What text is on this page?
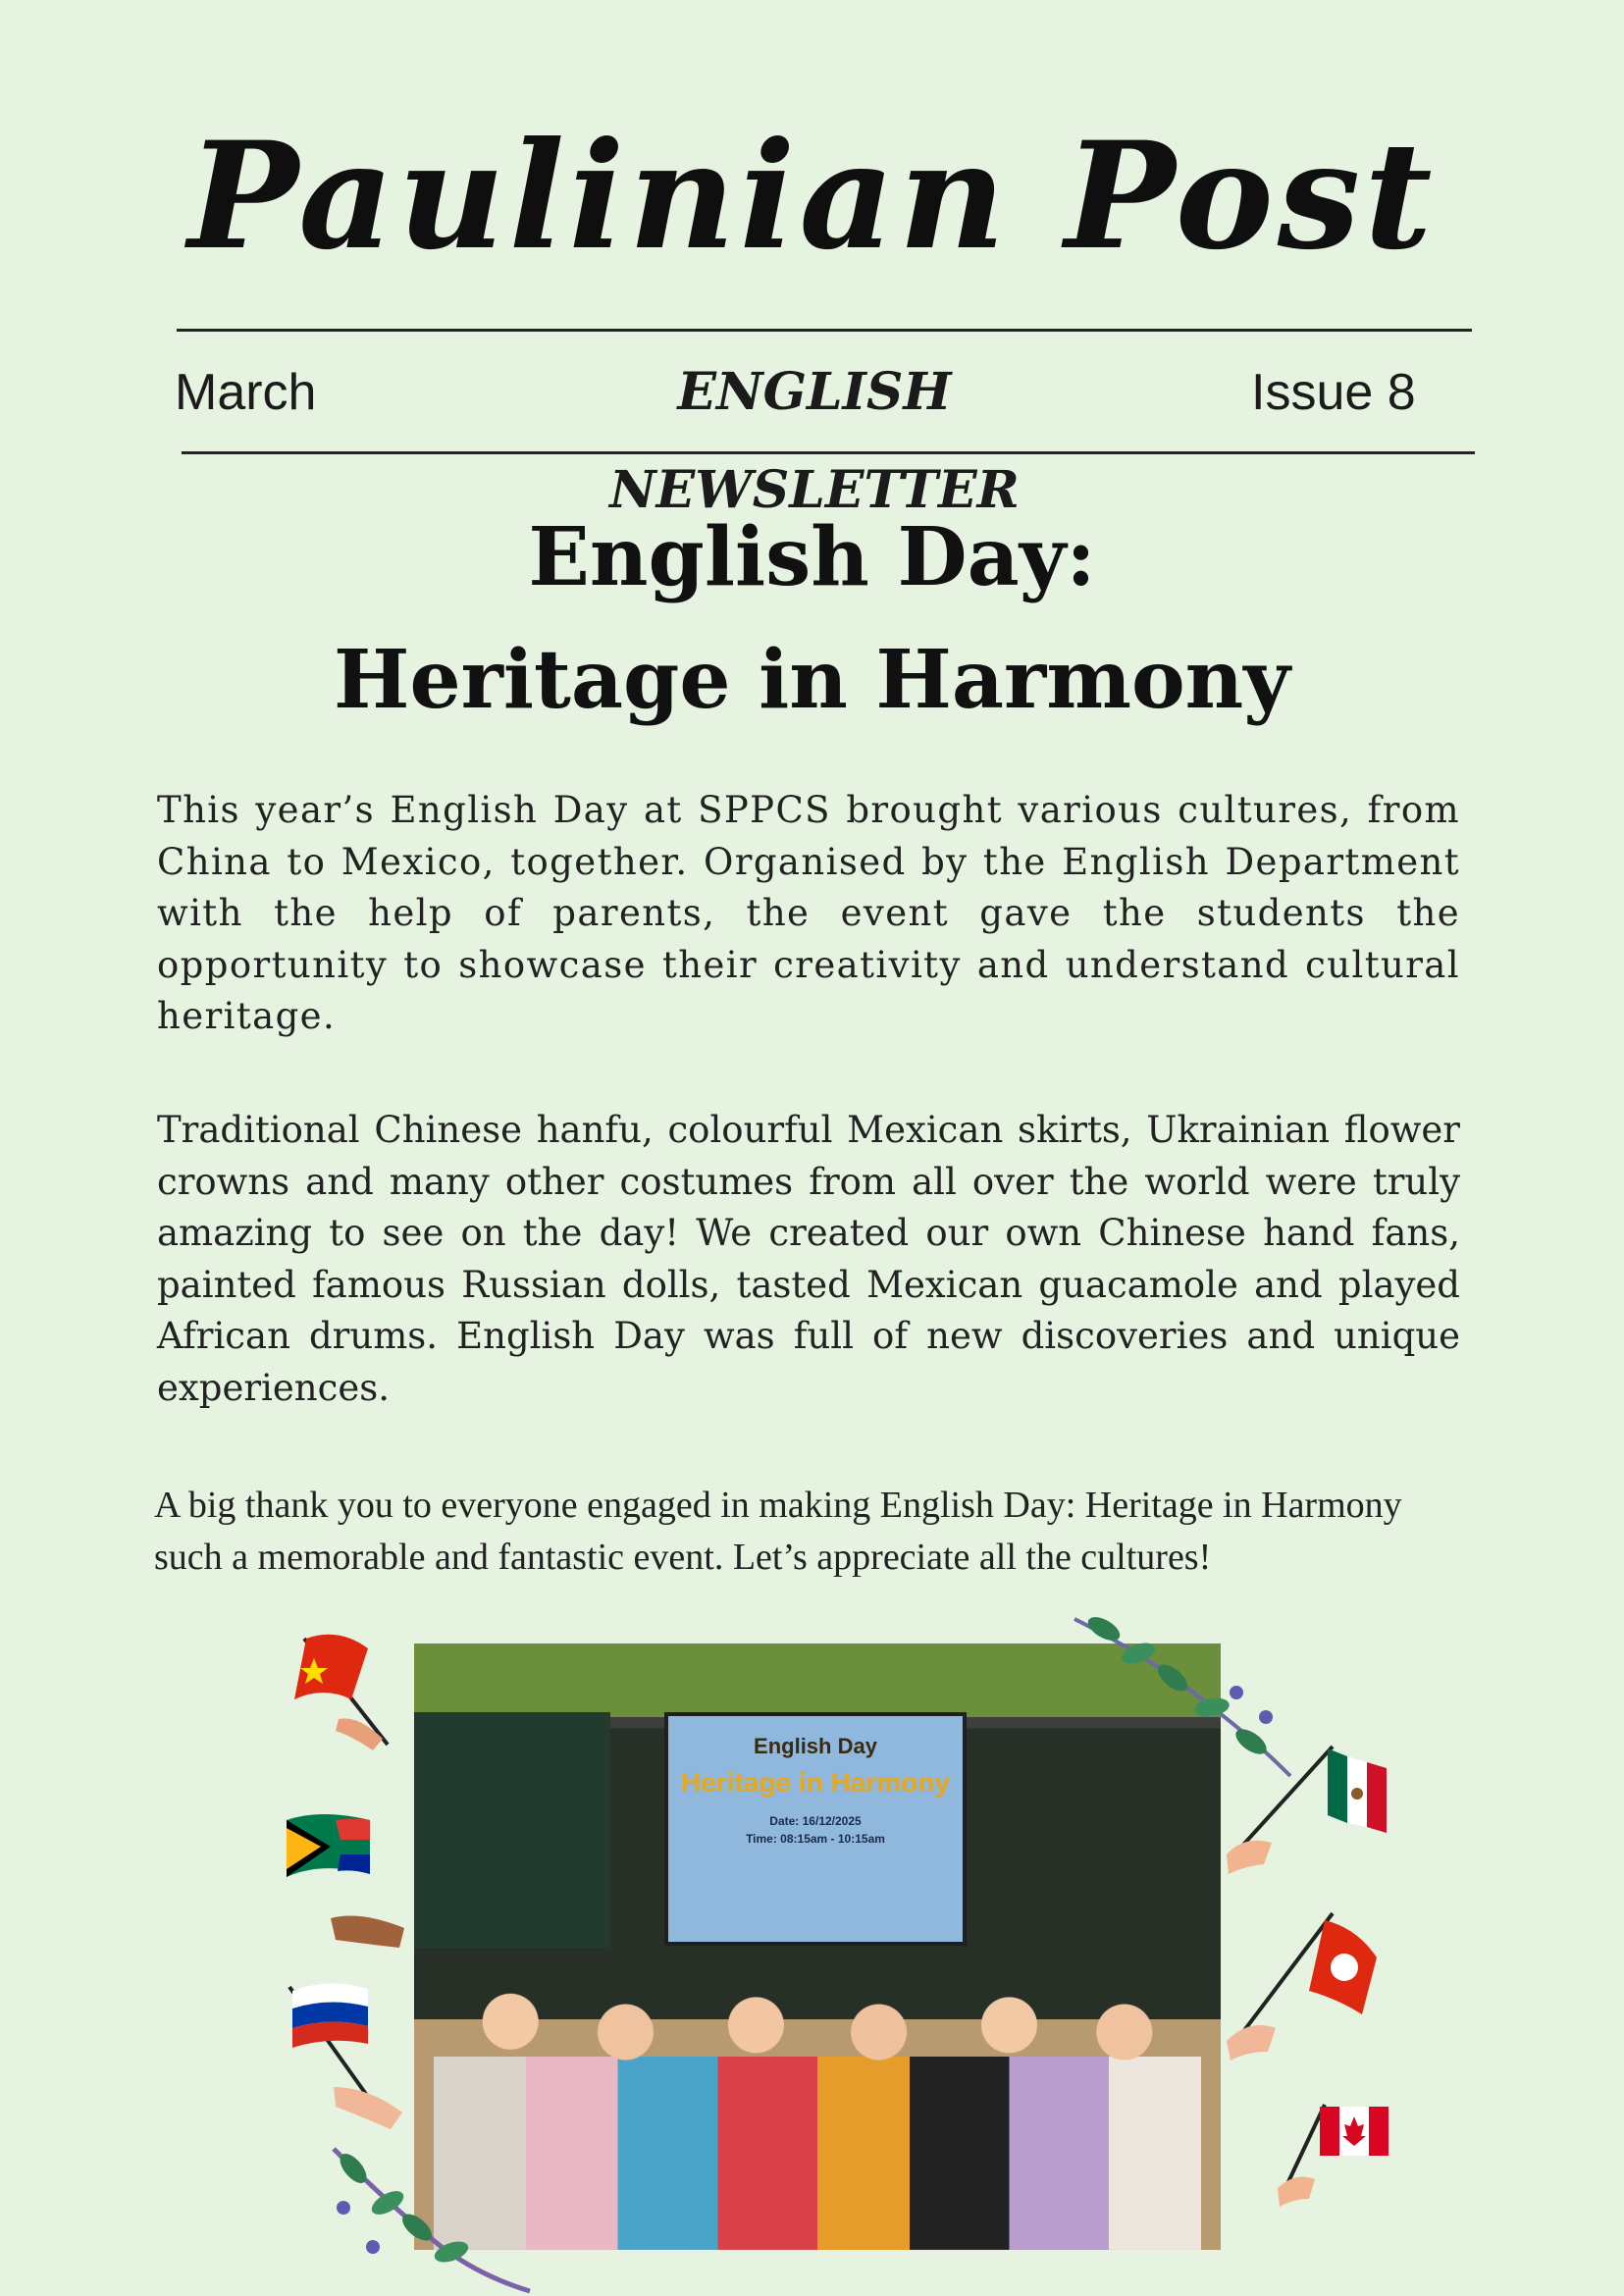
Paulinian Post
March	ENGLISH NEWSLETTER
Issue 8
English Day:
Heritage in Harmony
This year’s English Day at SPPCS brought various cultures, from China to Mexico, together. Organised by the English Department with the help of parents, the event gave the students the opportunity to showcase their creativity and understand cultural heritage.
Traditional Chinese hanfu, colourful Mexican skirts, Ukrainian flower crowns and many other costumes from all over the world were truly amazing to see on the day! We created our own Chinese hand fans, painted famous Russian dolls, tasted Mexican guacamole and played African drums. English Day was full of new discoveries and unique experiences.
A big thank you to everyone engaged in making English Day: Heritage in Harmony such a memorable and fantastic event. Let’s appreciate all the cultures!
English Day
Heritage in Harmony
Date: 16/12/2025
Time: 08:15am - 10:15am
